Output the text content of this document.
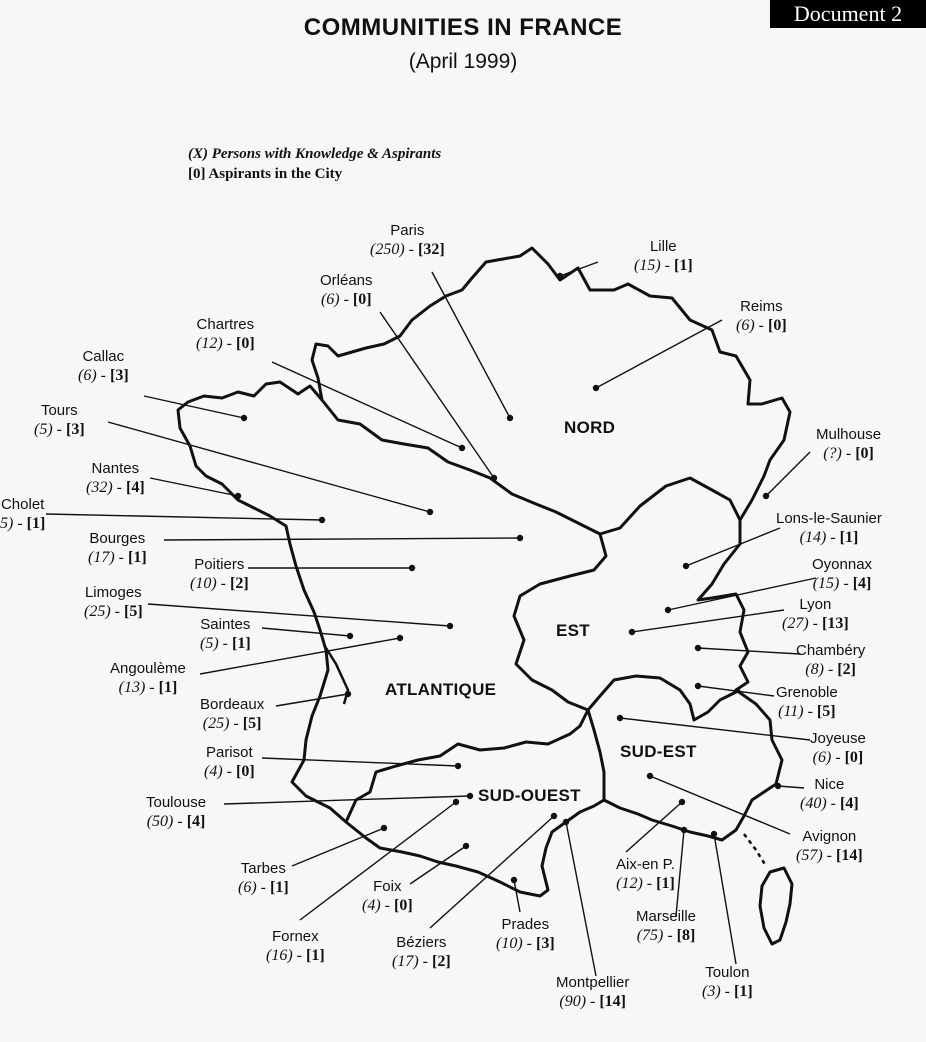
Document 2
COMMUNITIES IN FRANCE
(April 1999)
(X) Persons with Knowledge & Aspirants
[0] Aspirants in the City

NORD
EST
ATLANTIQUE
SUD-EST
SUD-OUEST
Paris
(250) - [32]	Lille
(15) - [1]
Orléans
(6) - [0]	Reims
(6) - [0]
Chartres
(12) - [0]
Callac
(6) - [3]
Tours
(5) - [3]	Mulhouse
(?) - [0]
Nantes
(32) - [4]
Cholet
5) - [1]	Lons-le-Saunier
(14) - [1]
Bourges
(17) - [1]	Poitiers
(10) - [2]
Oyonnax
(15) - [4]
Limoges
(25) - [5]	Lyon
(27) - [13]
Saintes
(5) - [1]	Chambéry
(8) - [2]
Angoulème
(13) - [1]	Grenoble
(11) - [5]
Bordeaux
(25) - [5]
Joyeuse
(6) - [0]
Parisot
(4) - [0]
Nice
(40) - [4]
Toulouse
(50) - [4]
Avignon
(57) - [14]
Tarbes
(6) - [1]
Aix-en P.
(12) - [1]
Foix
(4) - [0]
Fornex
(16) - [1]
Prades
(10) - [3]
Marseille
(75) - [8]
Béziers
(17) - [2]
Toulon
(3) - [1]
Montpellier
(90) - [14]
